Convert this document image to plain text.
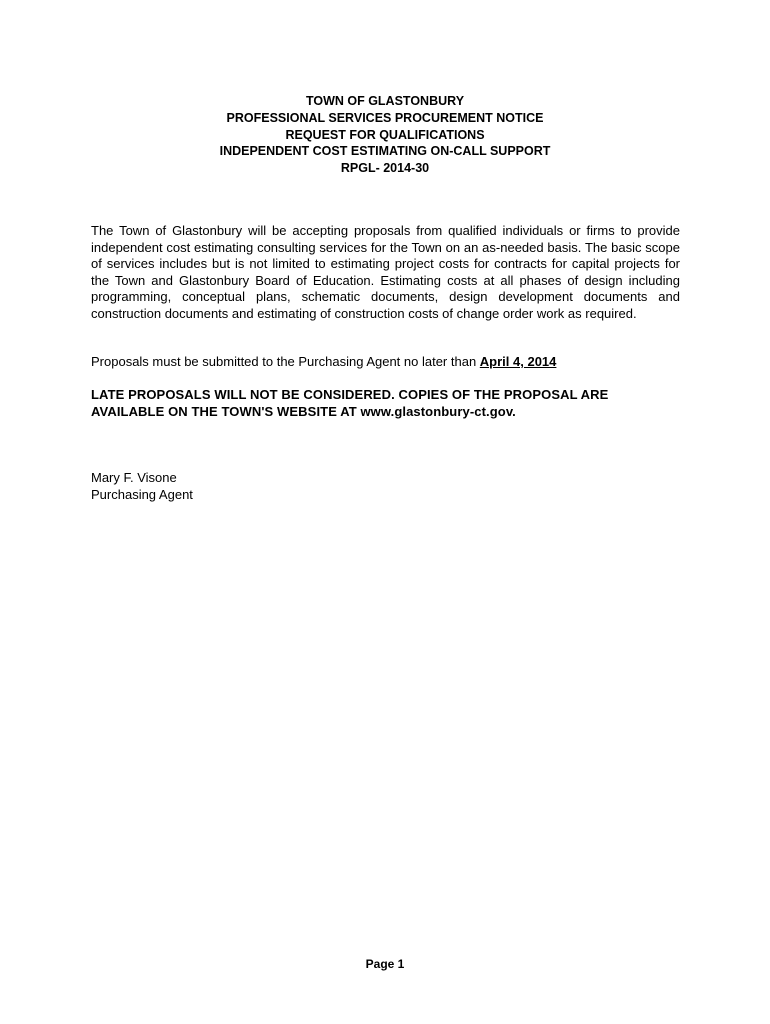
TOWN OF GLASTONBURY
PROFESSIONAL SERVICES PROCUREMENT NOTICE
REQUEST FOR QUALIFICATIONS
INDEPENDENT COST ESTIMATING ON-CALL SUPPORT
RPGL- 2014-30
The Town of Glastonbury will be accepting proposals from qualified individuals or firms to provide independent cost estimating consulting services for the Town on an as-needed basis. The basic scope of services includes but is not limited to estimating project costs for contracts for capital projects for the Town and Glastonbury Board of Education. Estimating costs at all phases of design including programming, conceptual plans, schematic documents, design development documents and construction documents and estimating of construction costs of change order work as required.
Proposals must be submitted to the Purchasing Agent no later than April 4, 2014
LATE PROPOSALS WILL NOT BE CONSIDERED. COPIES OF THE PROPOSAL ARE AVAILABLE ON THE TOWN'S WEBSITE AT www.glastonbury-ct.gov.
Mary F. Visone
Purchasing Agent
Page 1
